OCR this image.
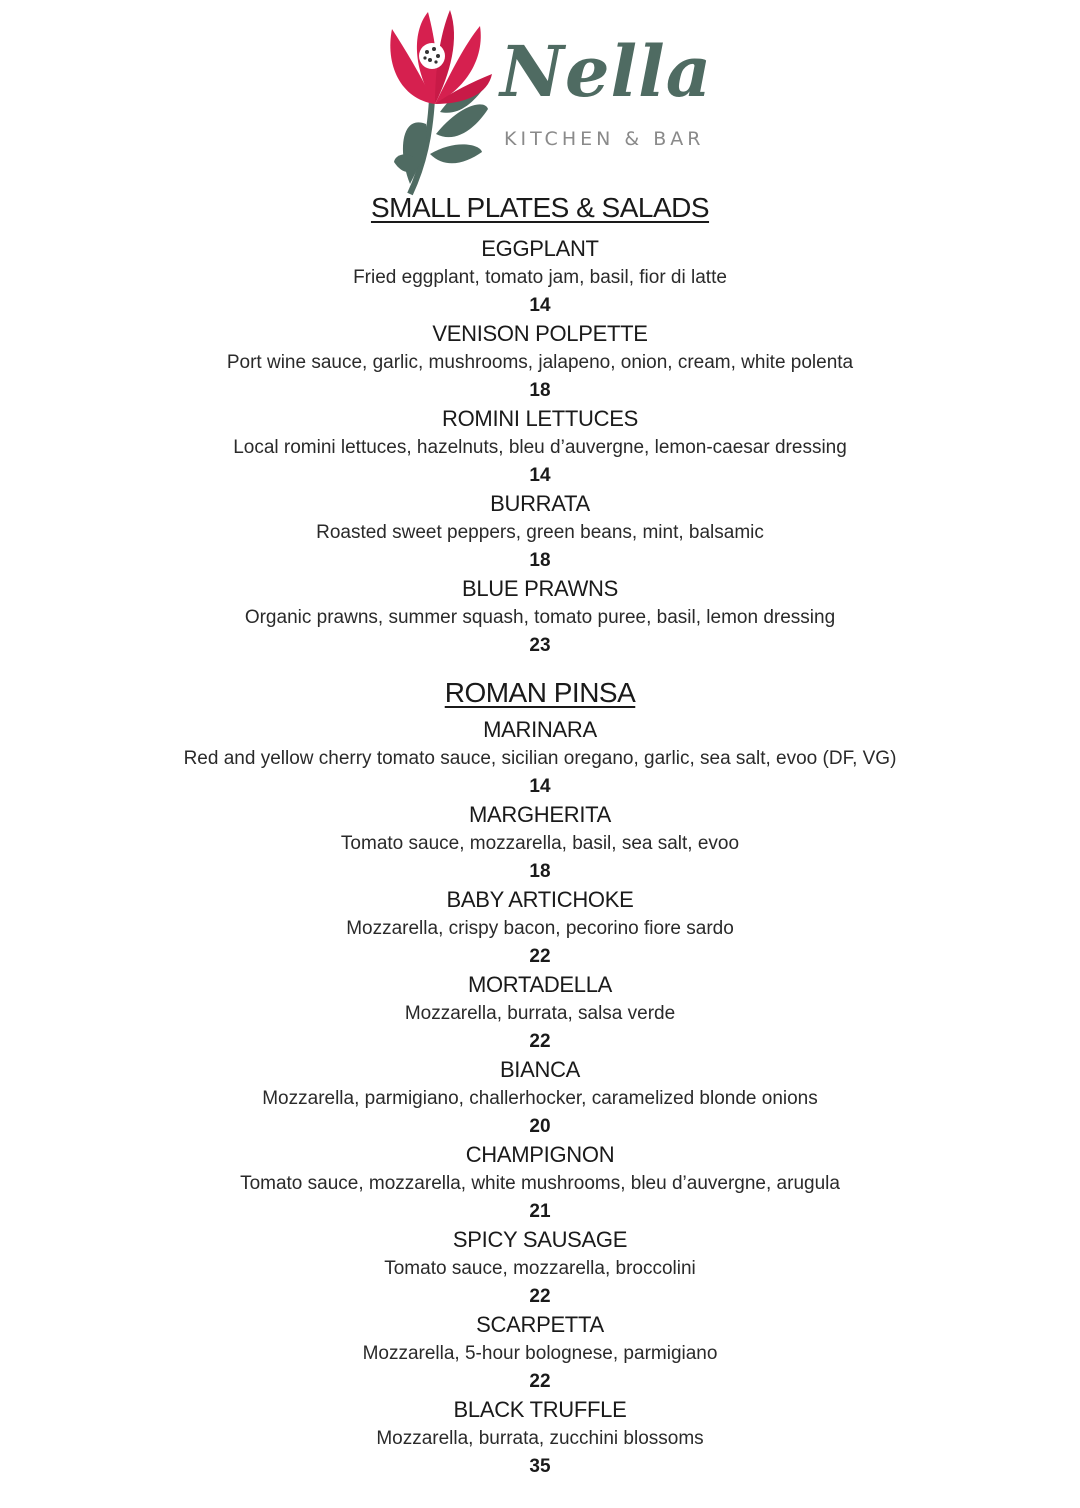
Nella
KITCHEN & BAR
SMALL PLATES & SALADS
EGGPLANT
Fried eggplant, tomato jam, basil, fior di latte
14
VENISON POLPETTE
Port wine sauce, garlic, mushrooms, jalapeno, onion, cream, white polenta
18
ROMINI LETTUCES
Local romini lettuces, hazelnuts, bleu d’auvergne, lemon-caesar dressing
14
BURRATA
Roasted sweet peppers, green beans, mint, balsamic
18
BLUE PRAWNS
Organic prawns, summer squash, tomato puree, basil, lemon dressing
23
ROMAN PINSA
MARINARA
Red and yellow cherry tomato sauce, sicilian oregano, garlic, sea salt, evoo (DF, VG)
14
MARGHERITA
Tomato sauce, mozzarella, basil, sea salt, evoo
18
BABY ARTICHOKE
Mozzarella, crispy bacon, pecorino fiore sardo
22
MORTADELLA
Mozzarella, burrata, salsa verde
22
BIANCA
Mozzarella, parmigiano, challerhocker, caramelized blonde onions
20
CHAMPIGNON
Tomato sauce, mozzarella, white mushrooms, bleu d’auvergne, arugula
21
SPICY SAUSAGE
Tomato sauce, mozzarella, broccolini
22
SCARPETTA
Mozzarella, 5-hour bolognese, parmigiano
22
BLACK TRUFFLE
Mozzarella, burrata, zucchini blossoms
35
